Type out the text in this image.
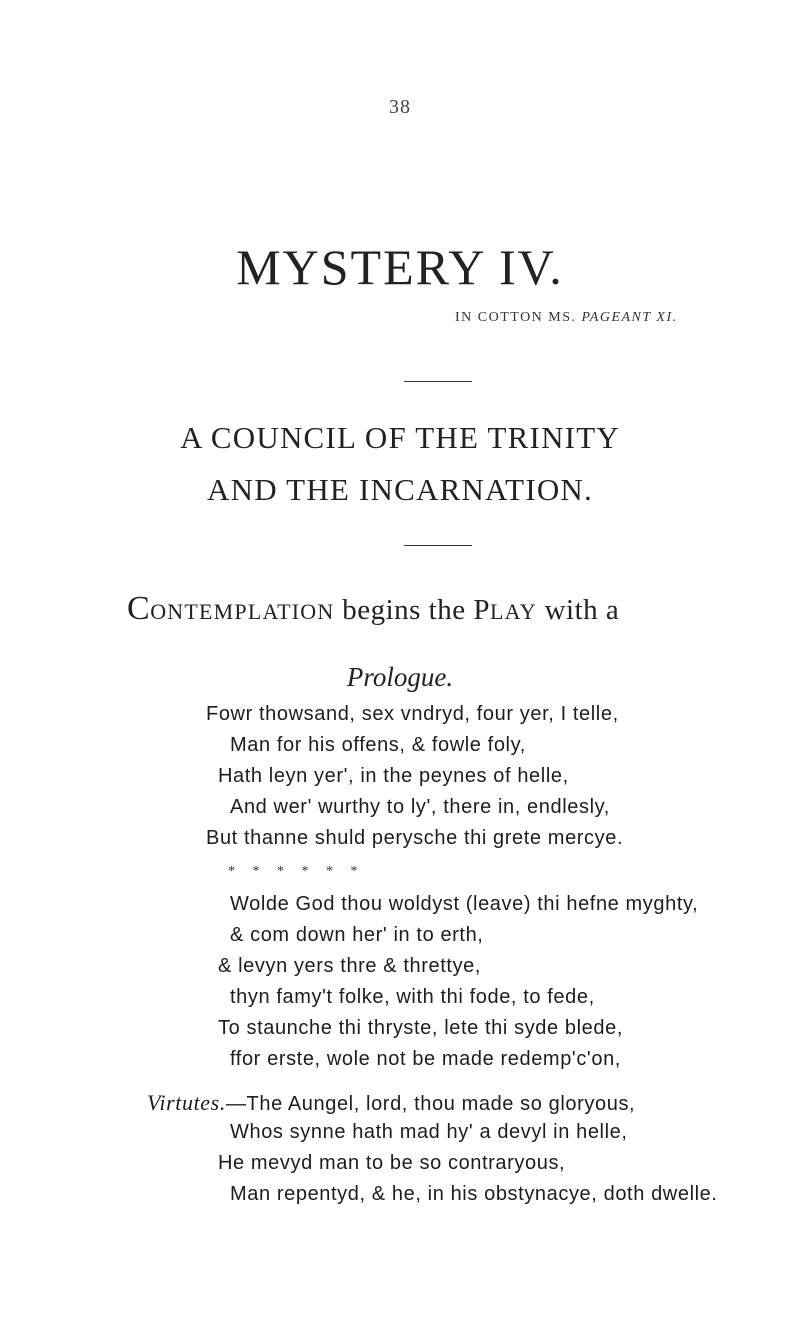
38
MYSTERY IV.
IN COTTON MS. PAGEANT XI.
A COUNCIL OF THE TRINITY
AND THE INCARNATION.
CONTEMPLATION begins the PLAY with a
Prologue.
Fowr thowsand, sex vndryd, four yer, I telle,
Man for his offens, & fowle foly,
Hath leyn yer', in the peynes of helle,
And wer' wurthy to ly', there in, endlesly,
But thanne shuld perysche thi grete mercye.
* * * * * *
Wolde God thou woldyst (leave) thi hefne myghty,
& com down her' in to erth,
& levyn yers thre & threttye,
thyn famy't folke, with thi fode, to fede,
To staunche thi thryste, lete thi syde blede,
ffor erste, wole not be made redemp'c'on,
Virtutes.—The Aungel, lord, thou made so gloryous,
Whos synne hath mad hy' a devyl in helle,
He mevyd man to be so contraryous,
Man repentyd, & he, in his obstynacye, doth dwelle.
